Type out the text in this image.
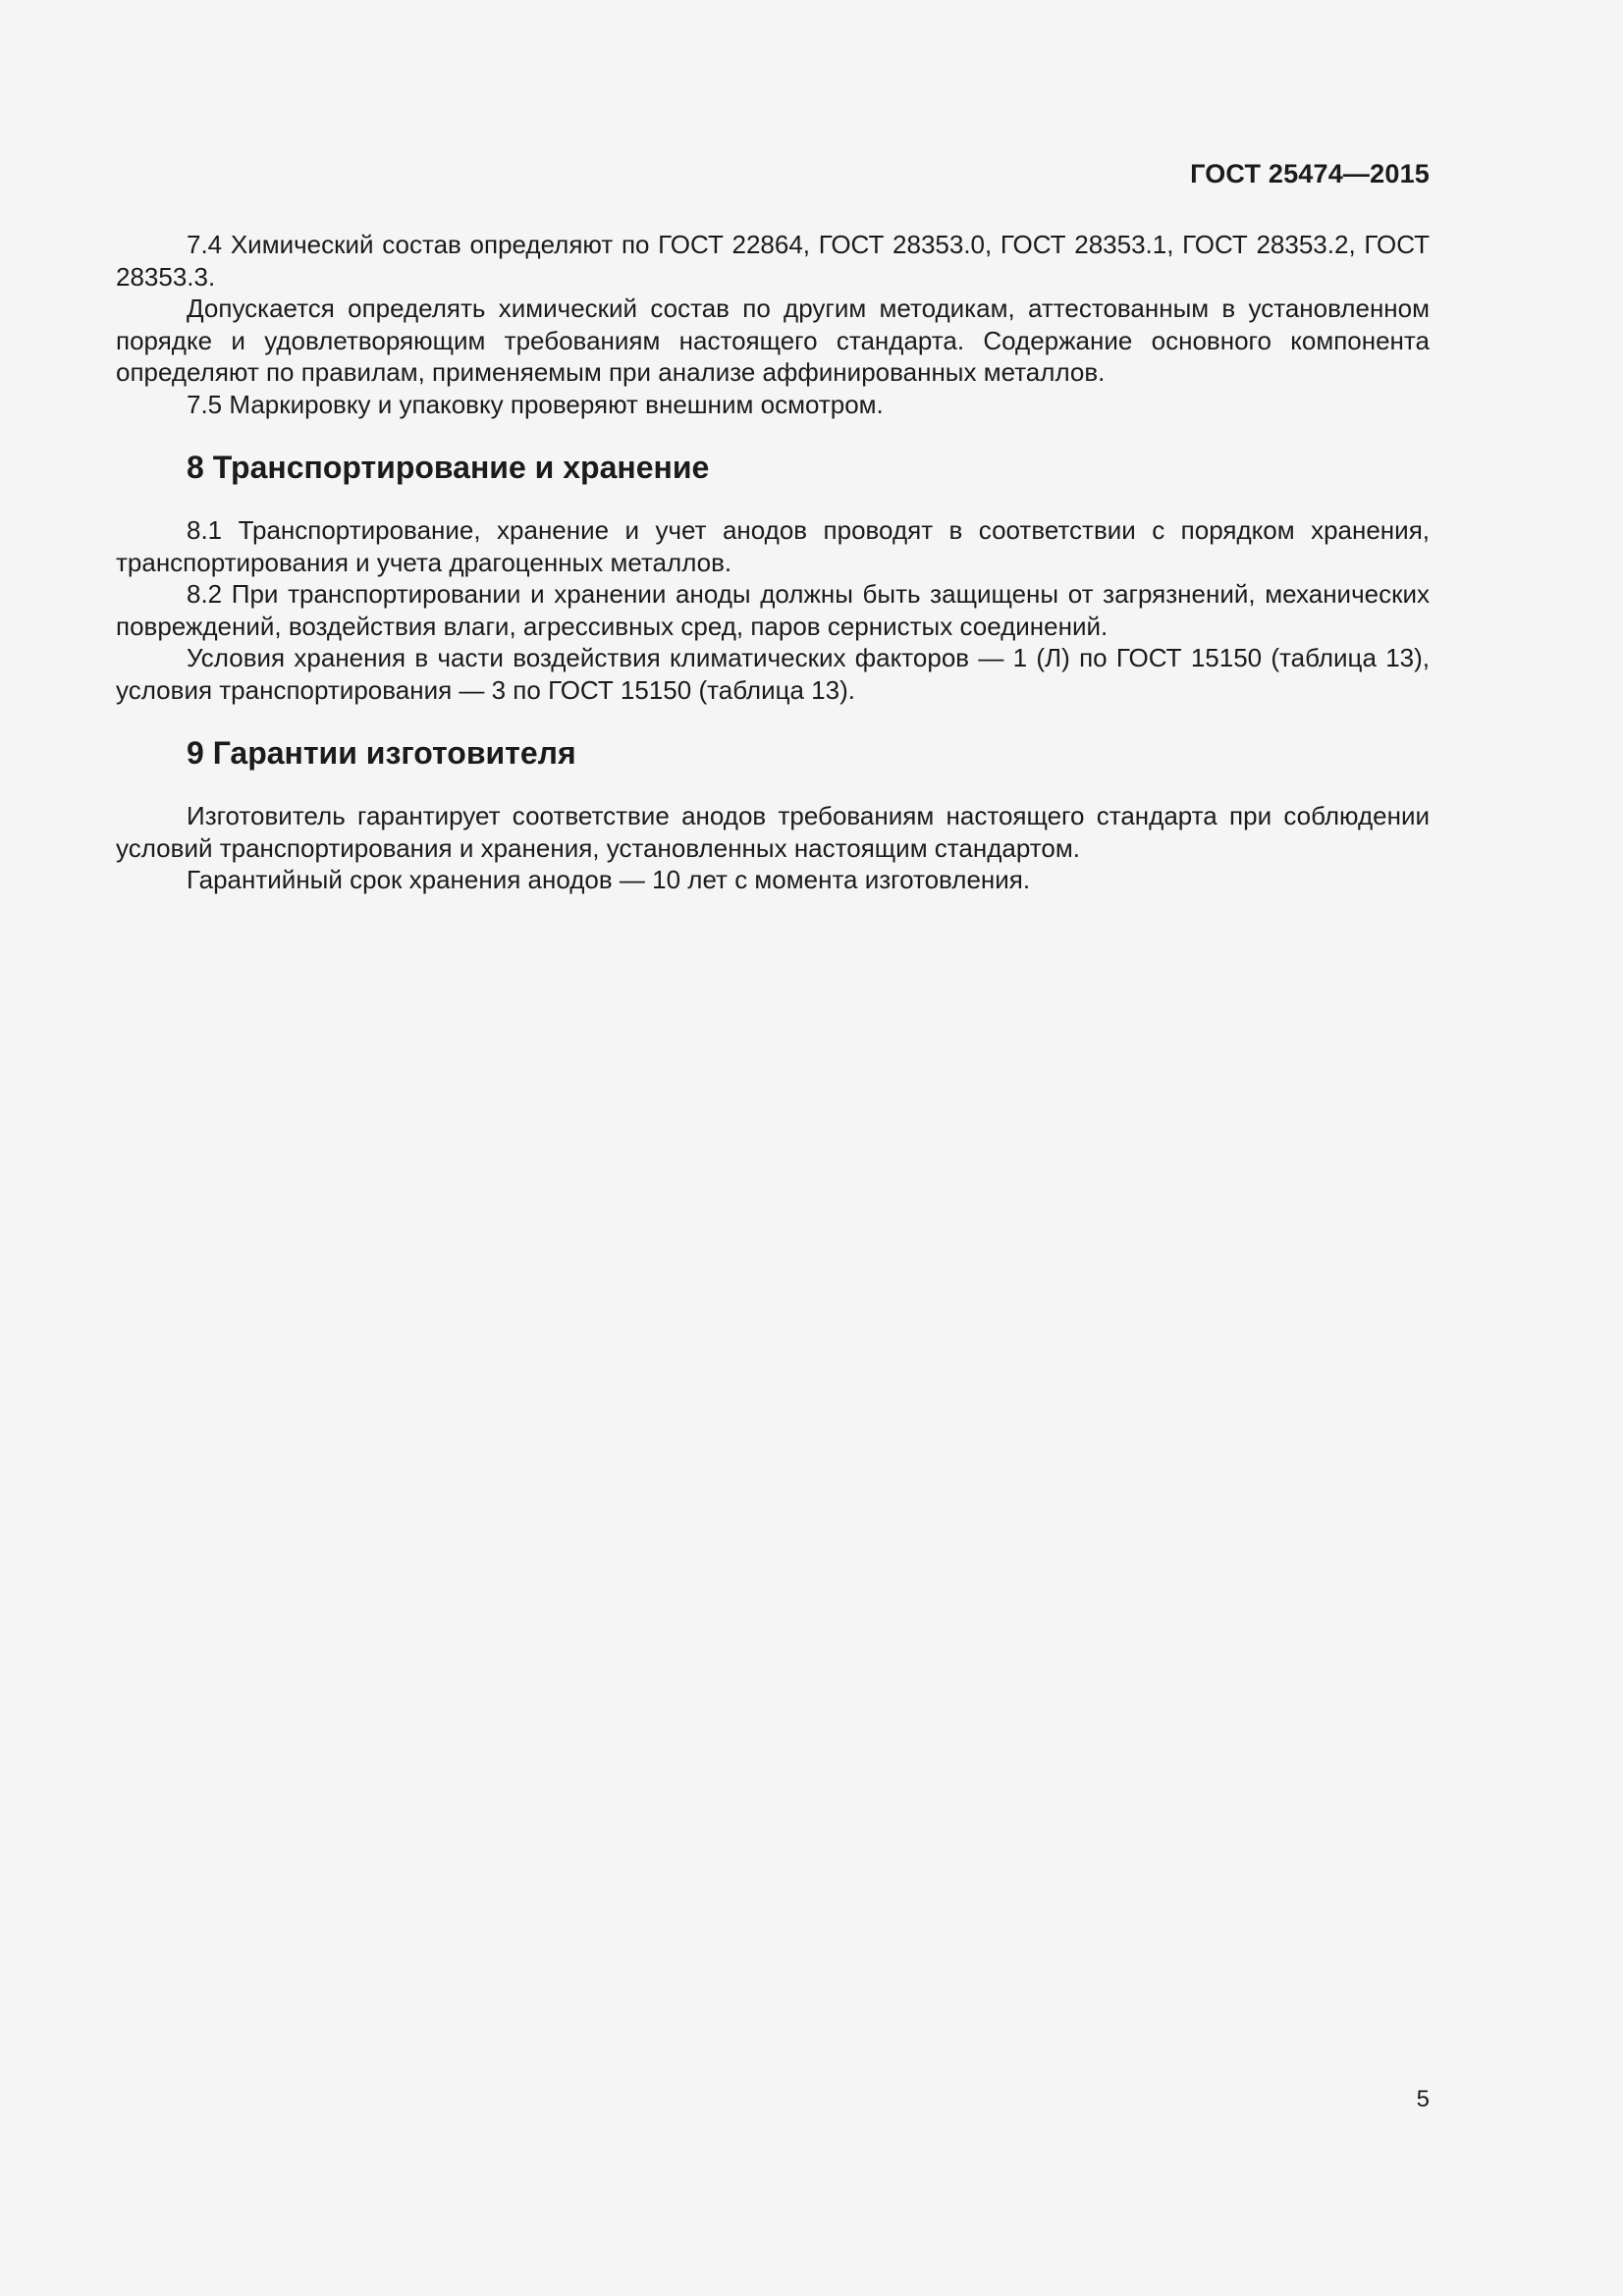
ГОСТ 25474—2015

7.4 Химический состав определяют по ГОСТ 22864, ГОСТ 28353.0, ГОСТ 28353.1, ГОСТ 28353.2, ГОСТ 28353.3.

Допускается определять химический состав по другим методикам, аттестованным в установленном порядке и удовлетворяющим требованиям настоящего стандарта. Содержание основного компонента определяют по правилам, применяемым при анализе аффинированных металлов.

7.5 Маркировку и упаковку проверяют внешним осмотром.

8 Транспортирование и хранение

8.1 Транспортирование, хранение и учет анодов проводят в соответствии с порядком хранения, транспортирования и учета драгоценных металлов.

8.2 При транспортировании и хранении аноды должны быть защищены от загрязнений, механических повреждений, воздействия влаги, агрессивных сред, паров сернистых соединений.

Условия хранения в части воздействия климатических факторов — 1 (Л) по ГОСТ 15150 (таблица 13), условия транспортирования — 3 по ГОСТ 15150 (таблица 13).

9 Гарантии изготовителя

Изготовитель гарантирует соответствие анодов требованиям настоящего стандарта при соблюдении условий транспортирования и хранения, установленных настоящим стандартом.

Гарантийный срок хранения анодов — 10 лет с момента изготовления.

5
